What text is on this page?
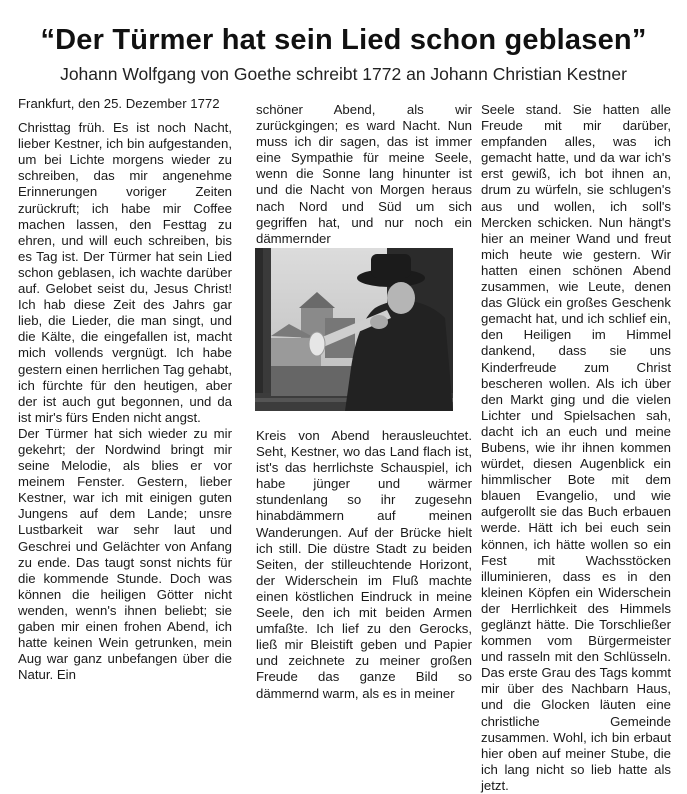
“Der Türmer hat sein Lied schon geblasen”
Johann Wolfgang von Goethe schreibt 1772 an Johann Christian Kestner

Frankfurt, den 25. Dezember 1772

Christtag früh. Es ist noch Nacht, lieber Kestner, ich bin aufgestanden, um bei Lichte morgens wieder zu schreiben, das mir angenehme Erinnerungen voriger Zeiten zurückruft; ich habe mir Coffee machen lassen, den Festtag zu ehren, und will euch schreiben, bis es Tag ist. Der Türmer hat sein Lied schon geblasen, ich wachte darüber auf. Gelobet seist du, Jesus Christ! Ich hab diese Zeit des Jahrs gar lieb, die Lieder, die man singt, und die Kälte, die eingefallen ist, macht mich vollends vergnügt. Ich habe gestern einen herrlichen Tag gehabt, ich fürchte für den heutigen, aber der ist auch gut begonnen, und da ist mir's fürs Enden nicht angst.

Der Türmer hat sich wieder zu mir gekehrt; der Nordwind bringt mir seine Melodie, als blies er vor meinem Fenster. Gestern, lieber Kestner, war ich mit einigen guten Jungens auf dem Lande; unsre Lustbarkeit war sehr laut und Geschrei und Gelächter von Anfang zu ende. Das taugt sonst nichts für die kommende Stunde. Doch was können die heiligen Götter nicht wenden, wenn's ihnen beliebt; sie gaben mir einen frohen Abend, ich hatte keinen Wein getrunken, mein Aug war ganz unbefangen über die Natur. Ein

schöner Abend, als wir zurückgingen; es ward Nacht. Nun muss ich dir sagen, das ist immer eine Sympathie für meine Seele, wenn die Sonne lang hinunter ist und die Nacht von Morgen heraus nach Nord und Süd um sich gegriffen hat, und nur noch ein dämmernder

Kreis von Abend herausleuchtet. Seht, Kestner, wo das Land flach ist, ist's das herrlichste Schauspiel, ich habe jünger und wärmer stundenlang so ihr zugesehn hinabdämmern auf meinen Wanderungen. Auf der Brücke hielt ich still. Die düstre Stadt zu beiden Seiten, der stilleuchtende Horizont, der Widerschein im Fluß machte einen köstlichen Eindruck in meine Seele, den ich mit beiden Armen umfaßte. Ich lief zu den Gerocks, ließ mir Bleistift geben und Papier und zeichnete zu meiner großen Freude das ganze Bild so dämmernd warm, als es in meiner

Seele stand. Sie hatten alle Freude mit mir darüber, empfanden alles, was ich gemacht hatte, und da war ich's erst gewiß, ich bot ihnen an, drum zu würfeln, sie schlugen's aus und wollen, ich soll's Mercken schicken. Nun hängt's hier an meiner Wand und freut mich heute wie gestern. Wir hatten einen schönen Abend zusammen, wie Leute, denen das Glück ein großes Geschenk gemacht hat, und ich schlief ein, den Heiligen im Himmel dankend, dass sie uns Kinderfreude zum Christ bescheren wollen. Als ich über den Markt ging und die vielen Lichter und Spielsachen sah, dacht ich an euch und meine Bubens, wie ihr ihnen kommen würdet, diesen Augenblick ein himmlischer Bote mit dem blauen Evangelio, und wie aufgerollt sie das Buch erbauen werde. Hätt ich bei euch sein können, ich hätte wollen so ein Fest mit Wachsstöcken illuminieren, dass es in den kleinen Köpfen ein Widerschein der Herrlichkeit des Himmels geglänzt hätte. Die Torschließer kommen vom Bürgermeister und rasseln mit den Schlüsseln. Das erste Grau des Tags kommt mir über des Nachbarn Haus, und die Glocken läuten eine christliche Gemeinde zusammen. Wohl, ich bin erbaut hier oben auf meiner Stube, die ich lang nicht so lieb hatte als jetzt.
